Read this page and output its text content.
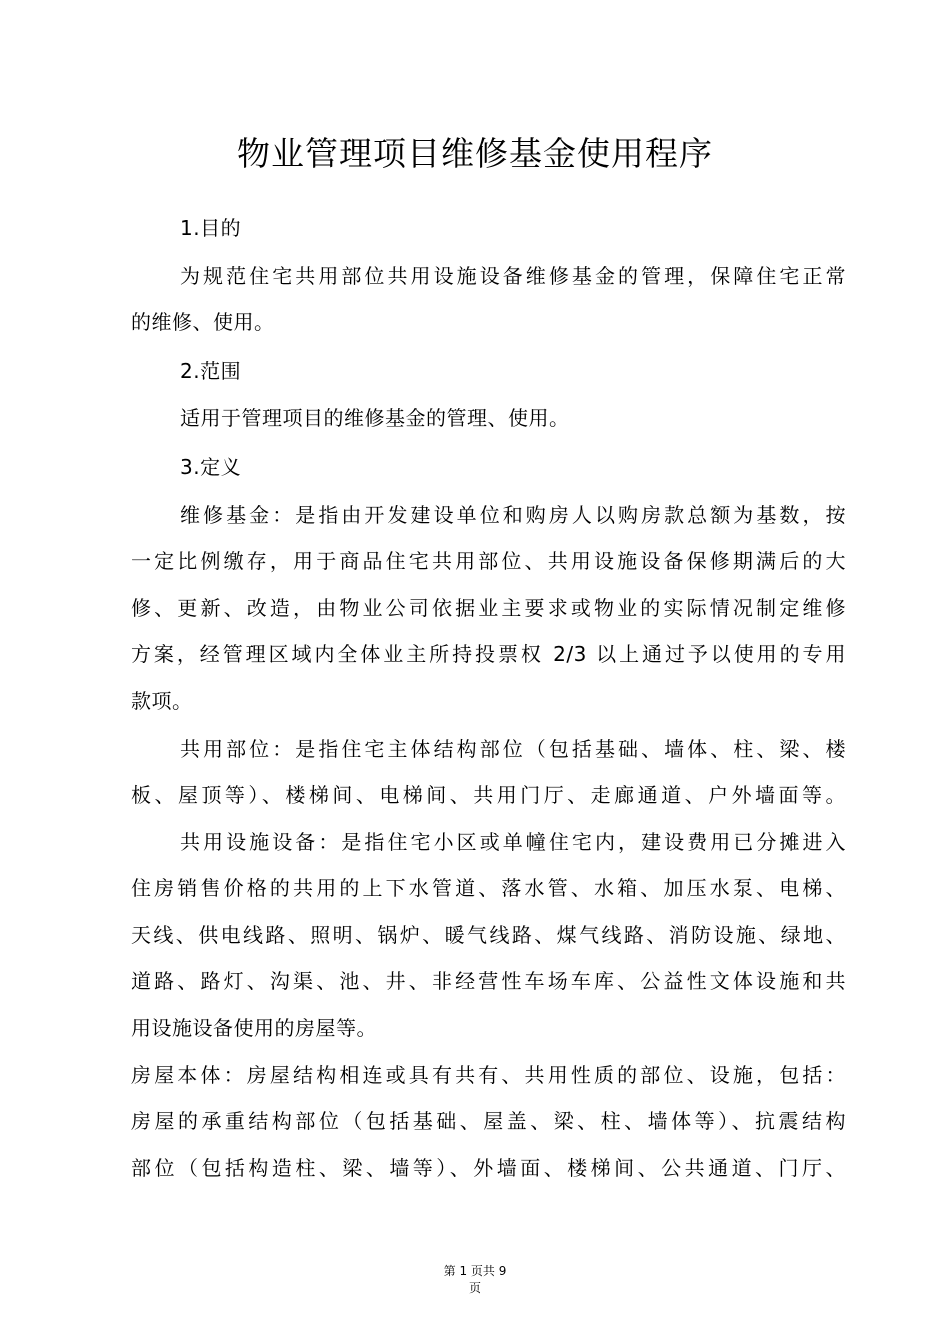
物业管理项目维修基金使用程序
1.目的
为规范住宅共用部位共用设施设备维修基金的管理，保障住宅正常
的维修、使用。
2.范围
适用于管理项目的维修基金的管理、使用。
3.定义
维修基金：是指由开发建设单位和购房人以购房款总额为基数，按
一定比例缴存，用于商品住宅共用部位、共用设施设备保修期满后的大
修、更新、改造，由物业公司依据业主要求或物业的实际情况制定维修
方案，经管理区域内全体业主所持投票权 2/3 以上通过予以使用的专用
款项。
共用部位：是指住宅主体结构部位（包括基础、墙体、柱、梁、楼
板、屋顶等）、楼梯间、电梯间、共用门厅、走廊通道、户外墙面等。
共用设施设备：是指住宅小区或单幢住宅内，建设费用已分摊进入
住房销售价格的共用的上下水管道、落水管、水箱、加压水泵、电梯、
天线、供电线路、照明、锅炉、暖气线路、煤气线路、消防设施、绿地、
道路、路灯、沟渠、池、井、非经营性车场车库、公益性文体设施和共
用设施设备使用的房屋等。
房屋本体：房屋结构相连或具有共有、共用性质的部位、设施，包括：
房屋的承重结构部位（包括基础、屋盖、梁、柱、墙体等）、抗震结构
部位（包括构造柱、梁、墙等）、外墙面、楼梯间、公共通道、门厅、
第 1 页共 9
页
